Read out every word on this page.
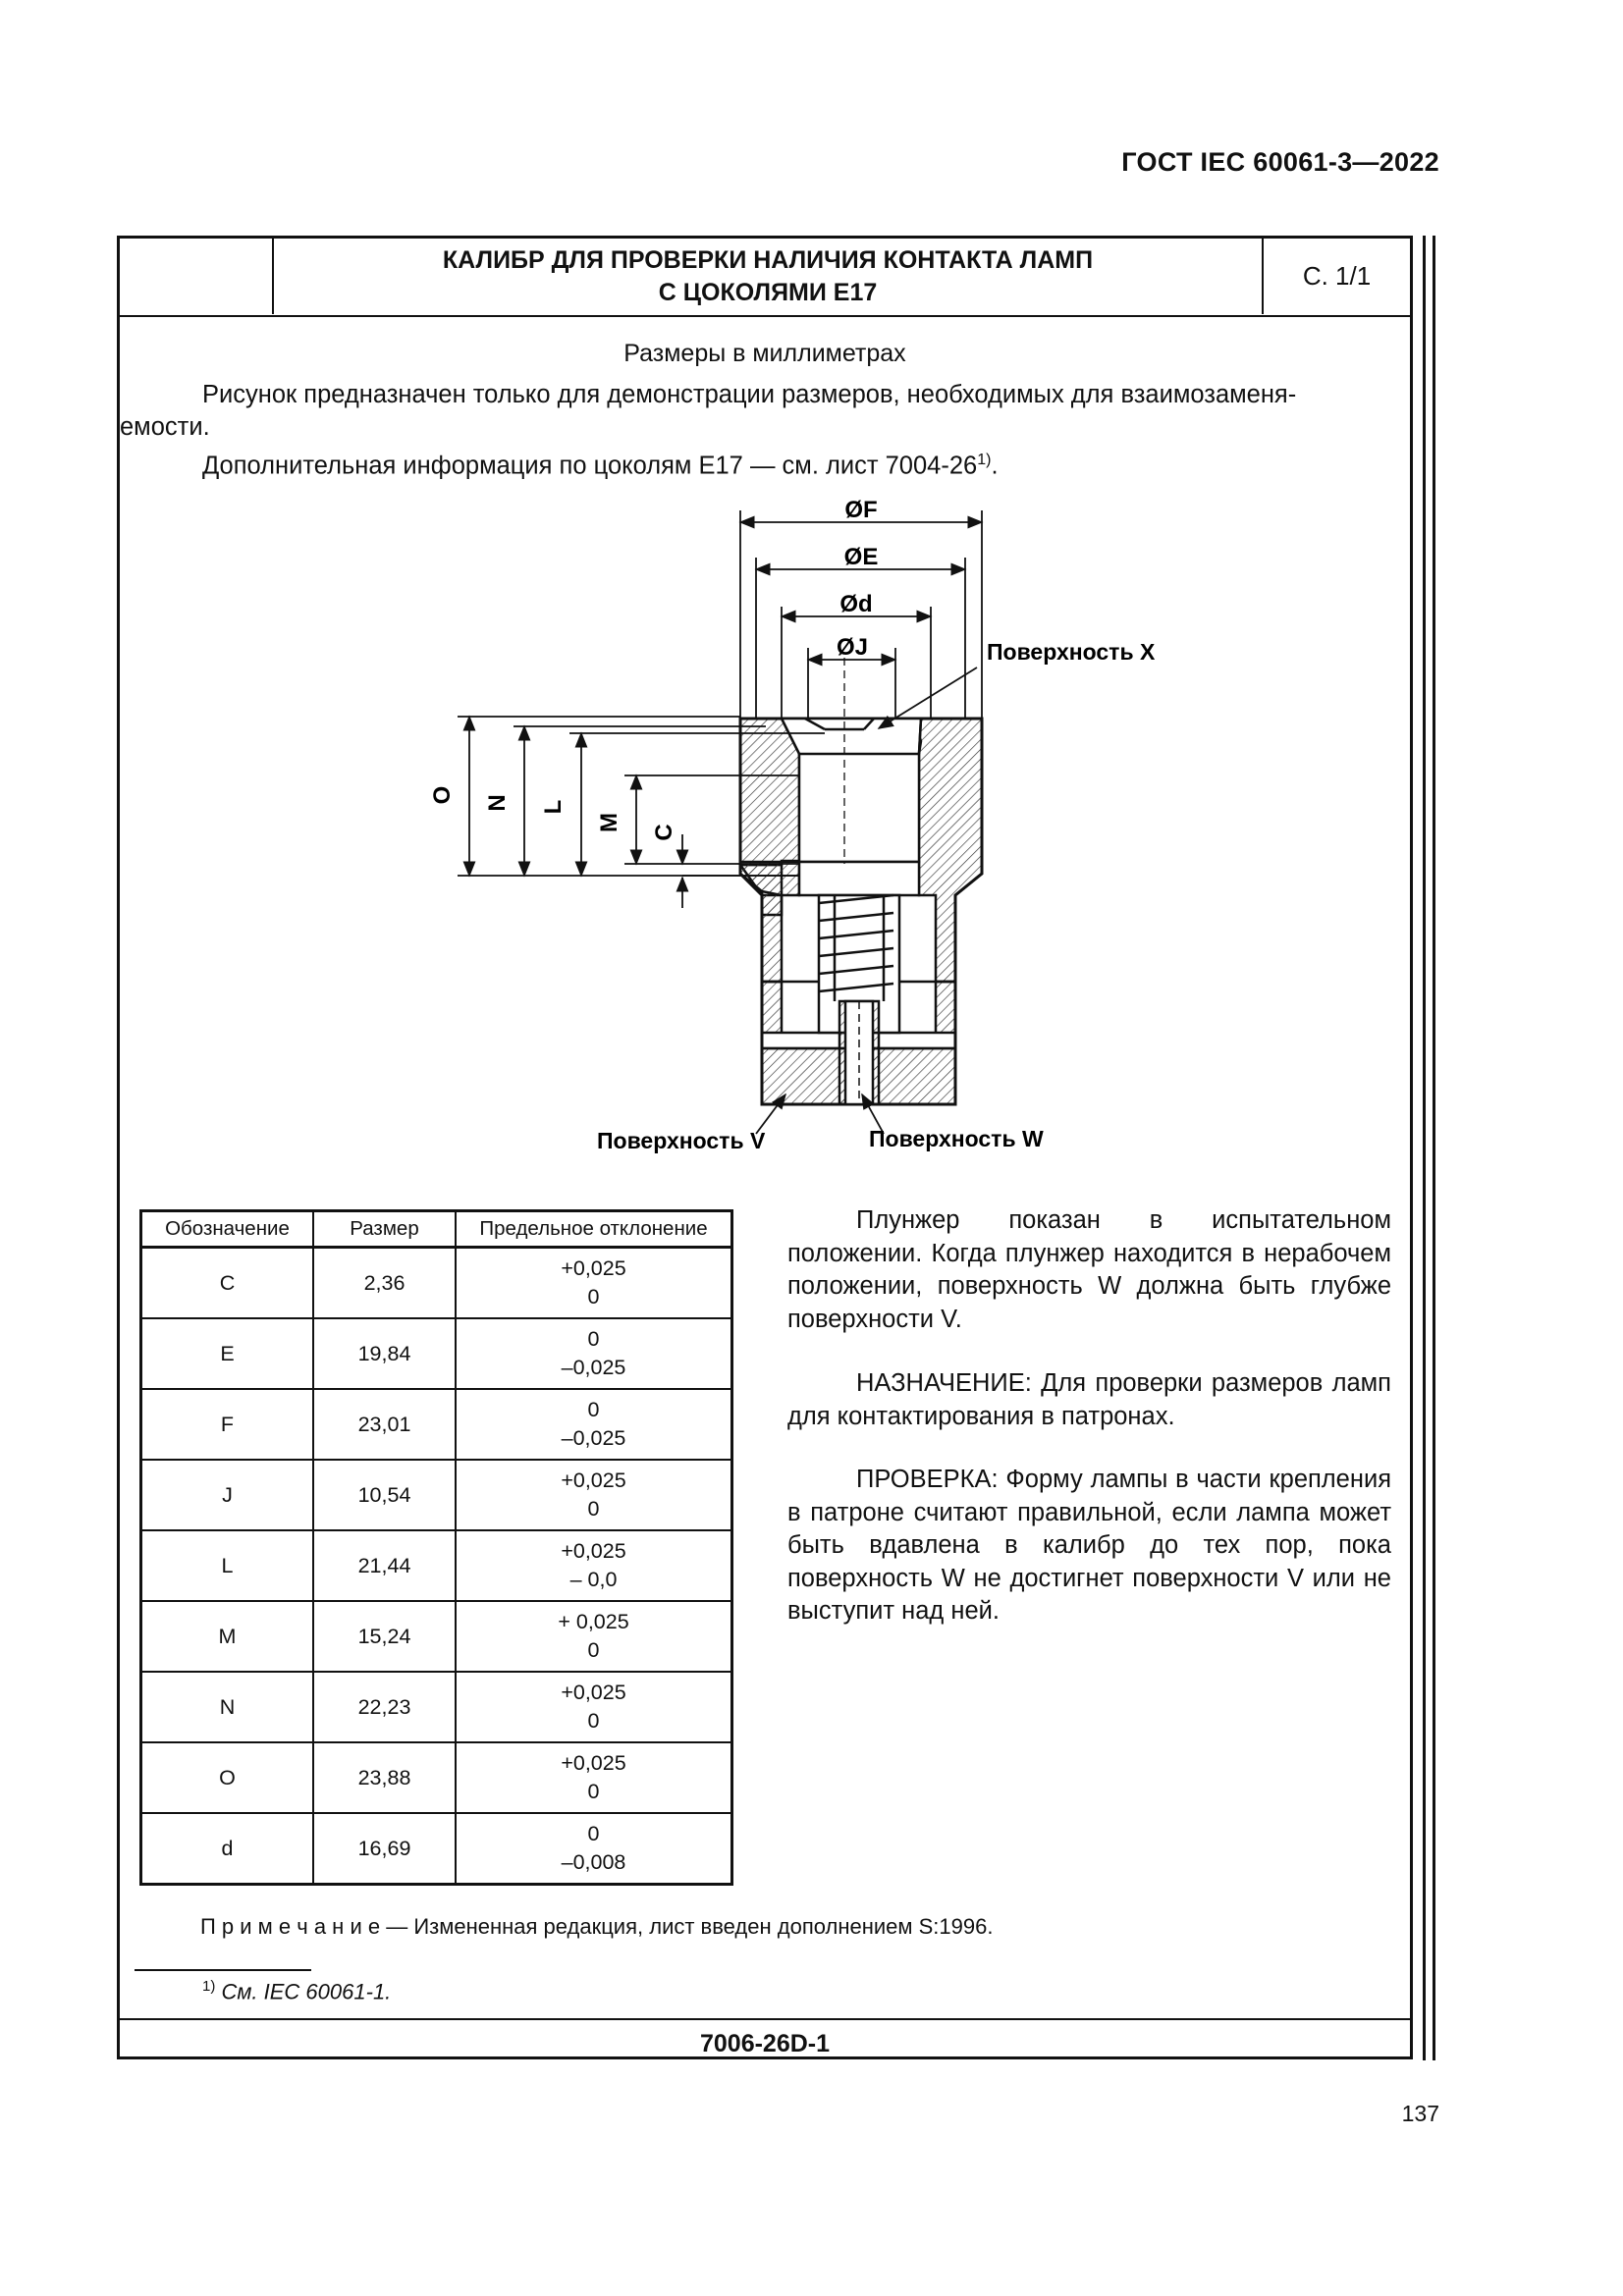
ГОСТ IEC 60061-3—2022
КАЛИБР ДЛЯ ПРОВЕРКИ НАЛИЧИЯ КОНТАКТА ЛАМП
С ЦОКОЛЯМИ E17
С. 1/1
Размеры в миллиметрах
Рисунок предназначен только для демонстрации размеров, необходимых для взаимозаменя-
емости.
Дополнительная информация по цоколям E17 — см. лист 7004-26$^{1)}$.
ØF
ØE
Ød
ØJ	Поверхность X
O N L
M C
Поверхность V	Поверхность W
Обозначение	Размер	Предельное отклонение
C	2,36	+0,025
0

E	19,84	0
–0,025

F	23,01	0
–0,025

J	10,54	+0,025
0

L	21,44	+0,025
– 0,0

M	15,24	+ 0,025
0

N	22,23	+0,025
0

O	23,88	+0,025
0

d	16,69	0
–0,008
Плунжер показан в испытательном положении. Когда плунжер находится в нерабочем положении, поверхность W должна быть глубже поверхности V.
НАЗНАЧЕНИЕ: Для проверки размеров ламп для контактирования в патронах.
ПРОВЕРКА: Форму лампы в части крепления в патроне считают правильной, если лампа может быть вдавлена в калибр до тех пор, пока поверхность W не достигнет поверхности V или не выступит над ней.
П р и м е ч а н и е — Измененная редакция, лист введен дополнением S:1996.
$^{1)}$ См. IEC 60061-1.
7006-26D-1
137
